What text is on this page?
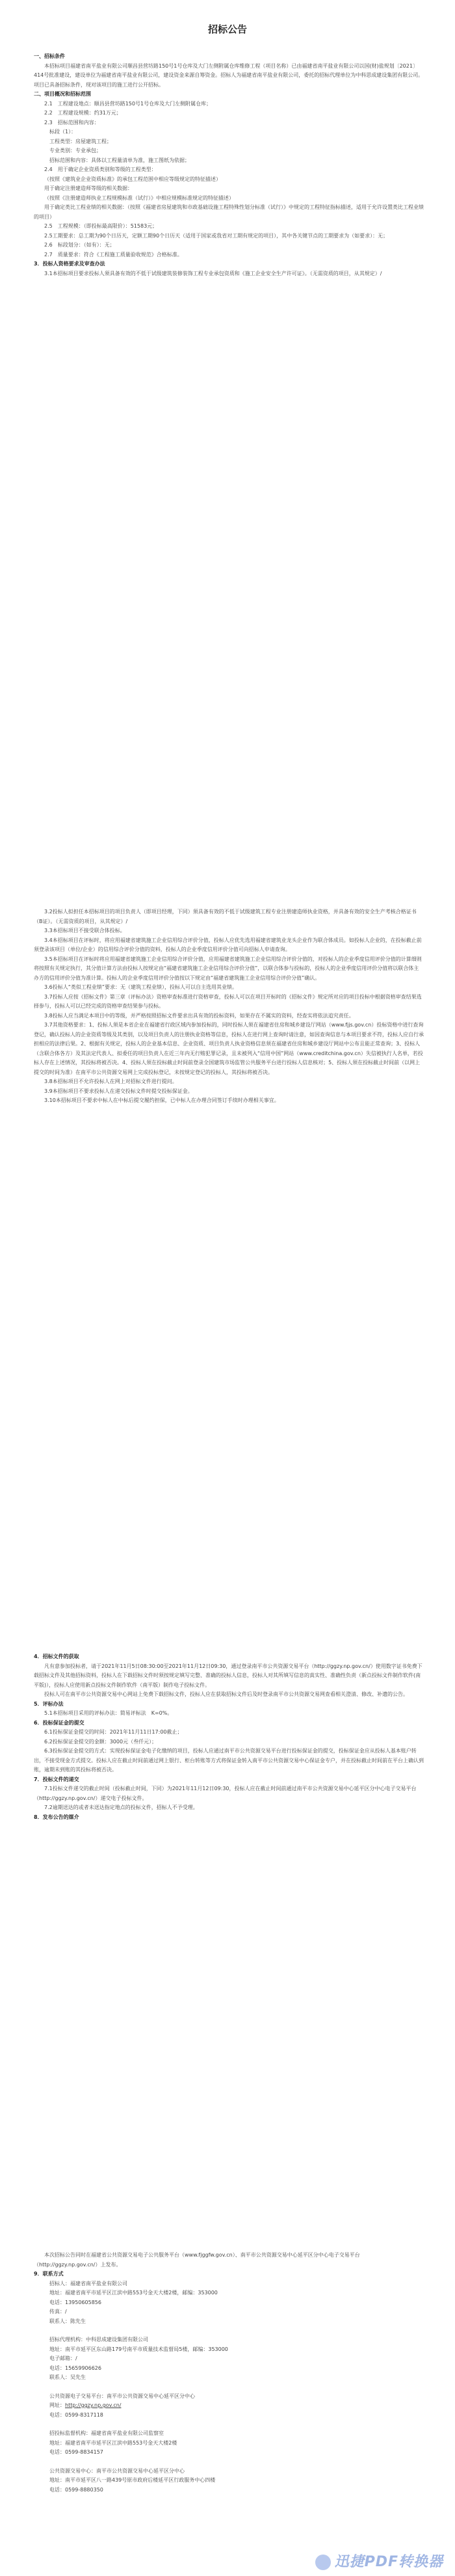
招标公告

一、招标条件

本招标项目福建省南平盐业有限公司顺昌县营坊路150号1号仓库及大门左侧附属仓库维修工程（项目名称）已由福建省南平盐业有限公司以国(财)盐规划〔2021〕414号批准建设，建设单位为福建省南平盐业有限公司，建设资金来源自筹资金。招标人为福建省南平盐业有限公司，委托的招标代理单位为中科思成建设集团有限公司。项目已具备招标条件，现对该项目的施工进行公开招标。

二、项目概况和招标范围

2.1　工程建设地点：顺昌县营坊路150号1号仓库及大门左侧附属仓库；

2.2　工程建设规模：约31万元；

2.3　招标范围和内容：

标段（1）：

工程类型：房屋建筑工程；

专业类别：专业承包；

招标范围和内容：具体以工程量清单为准，施工图纸为依据；

2.4　用于确定企业资质类别和等级的工程类型：

（按照《建筑业企业资质标准》的承包工程范围中相应等级规定的特征描述）

用于确定注册建造师等级的相关数据：

（按照《注册建造师执业工程规模标准（试行）》中相应规模标准规定的特征描述）

用于确定类比工程业绩的相关数据：（按照《福建省房屋建筑和市政基础设施工程特殊性划分标准（试行）》中规定的工程特征指标描述，适用于允许设置类比工程业绩的项目）

2.5　工程规模：（即投标最高限价）：51583元；

2.5工期要求：总工期为90个日历天，定额工期90个日历天（适用于国家或我省对工期有规定的项目），其中各关键节点的工期要求为（如要求）：无；

2.6　标段划分：（如有）：无；

2.7　质量要求：符合《工程施工质量验收规范》合格标准。

3．投标人资格要求及审查办法

3.1本招标项目要求投标人须具备有效的不低于试级建筑装修装饰工程专业承包资质和《施工企业安全生产许可证》。（无需资质的项目，从其规定）/

3.2投标人拟担任本招标项目的项目负责人（即项目经理，下同）须具备有效的不低于试级建筑工程专业注册建造师执业资格，并具备有效的安全生产考核合格证书（B证）。（无需资质的项目，从其规定）/

3.3本招标项目不接受联合体投标。

3.4本招标项目在评标时，将应用福建省建筑施工企业信用综合评价分值，投标人应优先选用福建省建筑业龙头企业作为联合体成员。如投标人企业的，在投标截止前须登录该项目（单位/企业）的信用综合评价分值的资料，投标人的企业季度信用评价分值可向招标人申请查询。

3.5本招标项目在评标时将应用福建省建筑施工企业信用综合评价分值，应用福建省建筑施工企业信用综合评价分值的，对投标人的企业季度信用评价分值的计算细则将按照有关规定执行，其分值计算方法由投标人按规定由“福建省建筑施工企业信用综合评价分值”，以联合体参与投标的，投标人的企业季度信用评价分值将以联合体主办方的信用评价分值为准计算。投标人的企业季度信用评价分值按以下规定由“福建省建筑施工企业信用综合评价分值”确认。

3.6投标人“类似工程业绩”要求：无（建筑工程业绩），投标人可以自主选用其业绩。

3.7投标人应按《招标文件》第三章（评标办法）资格审查标准进行资格审查，投标人可以在项目开标时的《招标文件》规定所对应的项目投标中根据资格审查结果选择参与，投标人可以已经完成的资格审查结果参与投标。

3.8投标人应当满足本项目中的等级，并严格按照招标文件要求出具有效的投标资料，如果存在不属实的资料，经查实将依法追究责任。

3.7其他资格要求：1、投标人须是本省企业在福建省行政区域内参加投标的，同时投标人须在福建省住房和城乡建设厅网站（www.fjjs.gov.cn）投标资格中进行查询登记，确认投标人的企业资质等级及其类别，以及项目负责人的注册执业资格等信息，投标人在进行网上查询时请注意，如因查询信息与本项目要求不符，投标人应自行承担相应的法律后果。2、根据有关规定，投标人的企业基本信息、企业资质、项目负责人执业资格信息须在福建省住房和城乡建设厅网站中公布且能正常查询；3、投标人（含联合体各方）及其法定代表人、拟委任的项目负责人在近三年内无行贿犯罪记录，且未被列入“信用中国”网站（www.creditchina.gov.cn）失信被执行人名单，若投标人存在上述情况，其投标将被否决。4、投标人须在投标截止时间前登录全国建筑市场监管公共服务平台进行投标人信息核对；5、投标人须在投标截止时间前（以网上提交的时间为准）在南平市公共资源交易网上完成投标登记，未按规定登记的投标人，其投标将被否决。

3.8本招标项目不允许投标人在网上对招标文件进行提问。

3.9本招标项目不要求投标人在递交投标文件时提交投标保证金。

3.10本招标项目不要求中标人在中标后提交履约担保，已中标人在办理合同签订手续时办理相关事宜。

4．招标文件的获取

凡有意参加投标者，请于2021年11月5日08:30:00至2021年11月12日09:30，通过登录南平市公共资源交易平台（http://ggzy.np.gov.cn/）使用数字证书免费下载招标文件及其他招标资料，投标人在下载招标文件时须按规定填写完整、准确的投标人信息，投标人对其所填写信息的真实性、准确性负责（新点投标文件制作软件(南平版)），投标人应使用新点投标文件制作软件（南平版）制作电子投标文件。

投标人可在南平市公共资源交易中心网站上免费下载招标文件，投标人应在获取招标文件后及时登录南平市公共资源交易网查看相关澄清、修改、补遗的公告。

5．评标办法

5.1本招标项目采用的评标办法：简易评标法　K=0%。

6．投标保证金的提交

6.1投标保证金提交的时间：2021年11月11日17:00截止；

6.2投标保证金提交的金额：3000元（叁仟元）；

6.3投标保证金提交的方式：实现投标保证金电子化缴纳的项目，投标人应通过南平市公共资源交易平台进行投标保证金的提交，投标保证金应从投标人基本账户转出，不接受现金方式提交。投标人应在截止时间前通过网上银行、柜台转账等方式将保证金转入南平市公共资源交易中心保证金专户，并在投标截止时间前在平台上确认到账，逾期未到账的其投标将被否决。

7．投标文件的递交

7.1投标文件递交的截止时间（投标截止时间，下同）为2021年11月12日09:30，投标人应在截止时间前通过南平市公共资源交易中心延平区分中心电子交易平台（http://ggzy.np.gov.cn/）递交电子投标文件。

7.2逾期送达的或者未送达指定地点的投标文件，招标人不予受理。

8．发布公告的媒介

本次招标公告同时在福建省公共资源交易电子公共服务平台（www.fjggfw.gov.cn）、南平市公共资源交易中心延平区分中心电子交易平台（http://ggzy.np.gov.cn/）上发布。

9．联系方式

招标人：福建省南平盐业有限公司

地址：福建省南平市延平区江滨中路553号金天大楼2楼，邮编：353000

电话：13950605856

传真：/

联系人：陈先生

招标代理机构：中科思成建设集团有限公司

地址：南平市延平区东山路179号南平市质量技术监督局5楼，邮编：353000

电子邮箱：/

电话：15659906626

联系人：吴先生

公共资源电子交易平台：南平市公共资源交易中心延平区分中心

网址：http://ggzy.np.gov.cn/

电话：0599-8317118

招投标监督机构：福建省南平盐业有限公司监察室

地址：福建省南平市延平区江滨中路553号金天大楼2楼

电话：0599-8834157

公共资源交易中心：南平市公共资源交易中心延平区分中心

地址：南平市延平区八一路439号原市政府后楼延平区行政服务中心四楼

电话：0599-8880350

迅捷PDF转换器
